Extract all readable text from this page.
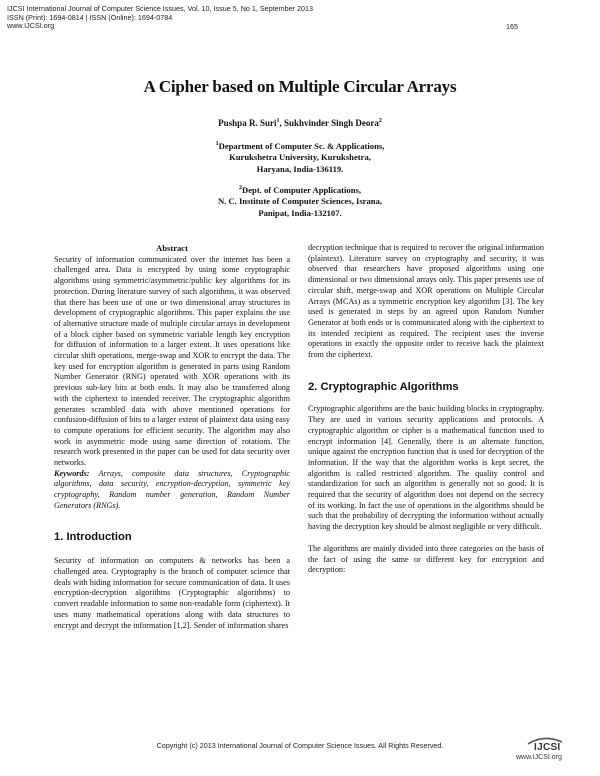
IJCSI International Journal of Computer Science Issues, Vol. 10, Issue 5, No 1, September 2013
ISSN (Print): 1694-0814 | ISSN (Online): 1694-0784
www.IJCSI.org	165
A Cipher based on Multiple Circular Arrays
Pushpa R. Suri$^1$, Sukhvinder Singh Deora$^2$
$^1$Department of Computer Sc. & Applications,
Kurukshetra University, Kurukshetra,
Haryana, India-136119.
$^2$Dept. of Computer Applications,
N. C. Institute of Computer Sciences, Israna,
Panipat, India-132107.

Abstract

Security of information communicated over the internet has been a challenged area. Data is encrypted by using some cryptographic algorithms using symmetric/asymmetric/public key algorithms for its protection. During literature survey of such algorithms, it was observed that there has been use of one or two dimensional array structures in development of cryptographic algorithms. This paper explains the use of alternative structure made of multiple circular arrays in development of a block cipher based on symmetric variable length key encryption for diffusion of information to a larger extent. It uses operations like circular shift operations, merge-swap and XOR to encrypt the data. The key used for encryption algorithm is generated in parts using Random Number Generator (RNG) operated with XOR operations with its previous sub-key bits at both ends. It may also be transferred along with the ciphertext to intended receiver. The cryptographic algorithm generates scrambled data with above mentioned operations for confusion-diffusion of bits to a larger extent of plaintext data using easy to compute operations for efficient security. The algorithm may also work in asymmetric mode using same direction of rotations. The research work presented in the paper can be used for data security over networks.

Keywords: Arrays, composite data structures, Cryptographic algorithms, data security, encryption-decryption, symmetric key cryptography, Random number generation, Random Number Generators (RNGs).

1. Introduction

Security of information on computers & networks has been a challenged area. Cryptography is the branch of computer science that deals with hiding information for secure communication of data. It uses encryption-decryption algorithms (Cryptographic algorithms) to convert readable information to some non-readable form (ciphertext). It uses many mathematical operations along with data structures to encrypt and decrypt the information [1,2]. Sender of information shares

decryption technique that is required to recover the original information (plaintext). Literature survey on cryptography and security, it was observed that researchers have proposed algorithms using one dimensional or two dimensional arrays only. This paper presents use of circular shift, merge-swap and XOR operations on Multiple Circular Arrays (MCAs) as a symmetric encryption key algorithm [3]. The key used is generated in steps by an agreed upon Random Number Generator at both ends or is communicated along with the ciphertext to its intended recipient as required. The recipient uses the inverse operations in exactly the opposite order to receive back the plaintext from the ciphertext.

2. Cryptographic Algorithms

Cryptographic algorithms are the basic building blocks in cryptography. They are used in various security applications and protocols. A cryptographic algorithm or cipher is a mathematical function used to encrypt information [4]. Generally, there is an alternate function, unique against the encryption function that is used for decryption of the information. If the way that the algorithm works is kept secret, the algorithm is called restricted algorithm. The quality control and standardization for such an algorithm is generally not so good. It is required that the security of algorithm does not depend on the secrecy of its working. In fact the use of operations in the algorithms should be such that the probability of decrypting the information without actually having the decryption key should be almost negligible or very difficult.

The algorithms are mainly divided into three categories on the basis of the fact of using the same or different key for encryption and decryption:

Copyright (c) 2013 International Journal of Computer Science Issues. All Rights Reserved.	IJCSI
www.IJCSI.org
